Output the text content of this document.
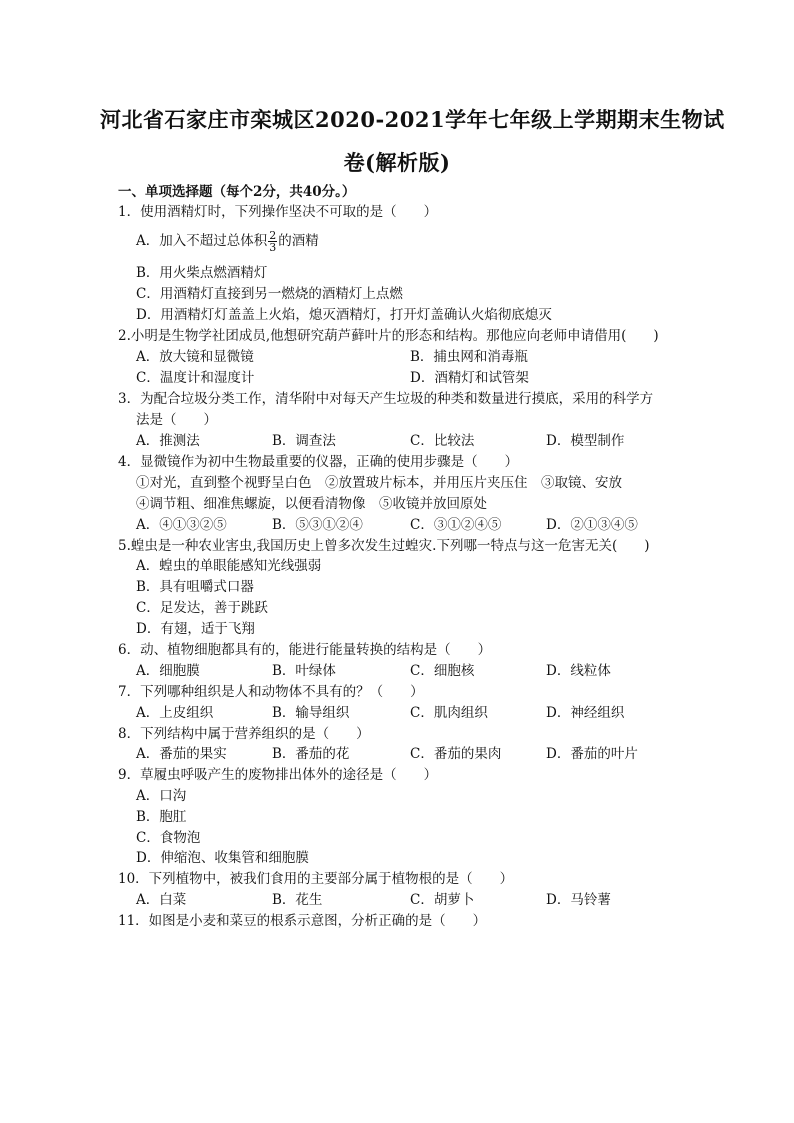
河北省石家庄市栾城区2020-2021学年七年级上学期期末生物试
卷(解析版)
一、单项选择题（每个2分，共40分。）
1．使用酒精灯时，下列操作坚决不可取的是（　　）
A．加入不超过总体积 $\frac{2}{3}$ 的酒精
B．用火柴点燃酒精灯
C．用酒精灯直接到另一燃烧的酒精灯上点燃
D．用酒精灯灯盖盖上火焰，熄灭酒精灯，打开灯盖确认火焰彻底熄灭
2.小明是生物学社团成员,他想研究葫芦藓叶片的形态和结构。那他应向老师申请借用(　　)
A．放大镜和显微镜	B．捕虫网和消毒瓶
C．温度计和湿度计	D．酒精灯和试管架
3．为配合垃圾分类工作，清华附中对每天产生垃圾的种类和数量进行摸底，采用的科学方
法是（　　）
A．推测法	B．调查法	C．比较法	D．模型制作
4．显微镜作为初中生物最重要的仪器，正确的使用步骤是（　　）
①对光，直到整个视野呈白色　②放置玻片标本，并用压片夹压住　③取镜、安放
④调节粗、细准焦螺旋，以便看清物像　⑤收镜并放回原处
A．④①③②⑤	B．⑤③①②④	C．③①②④⑤	D．②①③④⑤
5.蝗虫是一种农业害虫,我国历史上曾多次发生过蝗灾.下列哪一特点与这一危害无关(　　)
A．蝗虫的单眼能感知光线强弱
B．具有咀嚼式口器
C．足发达，善于跳跃
D．有翅，适于飞翔
6．动、植物细胞都具有的，能进行能量转换的结构是（　　）
A．细胞膜	B．叶绿体	C．细胞核	D．线粒体
7．下列哪种组织是人和动物体不具有的？（　　）
A．上皮组织	B．输导组织	C．肌肉组织	D．神经组织
8．下列结构中属于营养组织的是（　　）
A．番茄的果实	B．番茄的花	C．番茄的果肉	D．番茄的叶片
9．草履虫呼吸产生的废物排出体外的途径是（　　）
A．口沟
B．胞肛
C．食物泡
D．伸缩泡、收集管和细胞膜
10．下列植物中，被我们食用的主要部分属于植物根的是（　　）
A．白菜	B．花生	C．胡萝卜	D．马铃薯
11．如图是小麦和菜豆的根系示意图，分析正确的是（　　）
